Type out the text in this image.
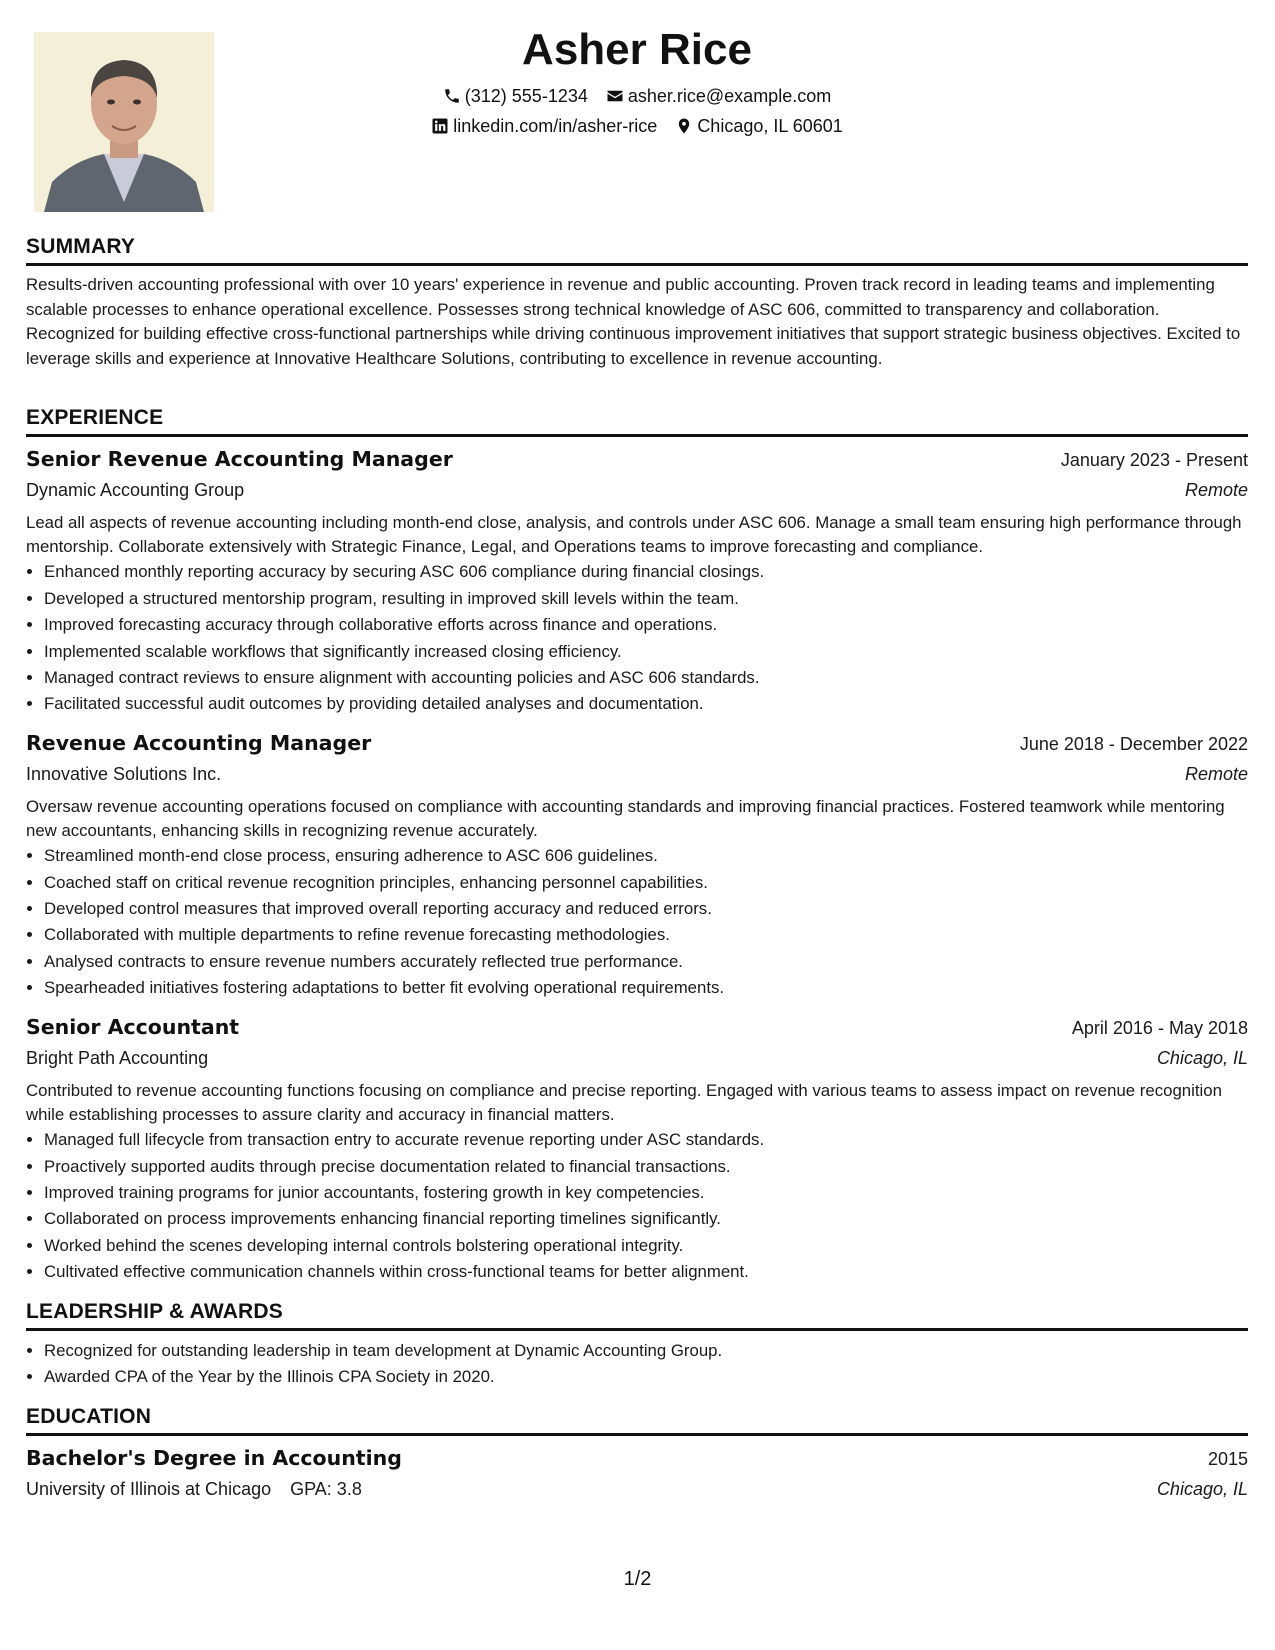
Asher Rice
(312) 555-1234 asher.rice@example.com
linkedin.com/in/asher-rice Chicago, IL 60601
SUMMARY

Results-driven accounting professional with over 10 years' experience in revenue and public accounting. Proven track record in leading teams and implementing scalable processes to enhance operational excellence. Possesses strong technical knowledge of ASC 606, committed to transparency and collaboration. Recognized for building effective cross-functional partnerships while driving continuous improvement initiatives that support strategic business objectives. Excited to leverage skills and experience at Innovative Healthcare Solutions, contributing to excellence in revenue accounting.

EXPERIENCE
Senior Revenue Accounting Manager	January 2023 - Present
Dynamic Accounting Group	Remote
Lead all aspects of revenue accounting including month-end close, analysis, and controls under ASC 606. Manage a small team ensuring high performance through mentorship. Collaborate extensively with Strategic Finance, Legal, and Operations teams to improve forecasting and compliance.
• Enhanced monthly reporting accuracy by securing ASC 606 compliance during financial closings.
• Developed a structured mentorship program, resulting in improved skill levels within the team.
• Improved forecasting accuracy through collaborative efforts across finance and operations.
• Implemented scalable workflows that significantly increased closing efficiency.
• Managed contract reviews to ensure alignment with accounting policies and ASC 606 standards.
• Facilitated successful audit outcomes by providing detailed analyses and documentation.
Revenue Accounting Manager	June 2018 - December 2022
Innovative Solutions Inc.	Remote
Oversaw revenue accounting operations focused on compliance with accounting standards and improving financial practices. Fostered teamwork while mentoring new accountants, enhancing skills in recognizing revenue accurately.
• Streamlined month-end close process, ensuring adherence to ASC 606 guidelines.
• Coached staff on critical revenue recognition principles, enhancing personnel capabilities.
• Developed control measures that improved overall reporting accuracy and reduced errors.
• Collaborated with multiple departments to refine revenue forecasting methodologies.
• Analysed contracts to ensure revenue numbers accurately reflected true performance.
• Spearheaded initiatives fostering adaptations to better fit evolving operational requirements.
Senior Accountant	April 2016 - May 2018
Bright Path Accounting	Chicago, IL
Contributed to revenue accounting functions focusing on compliance and precise reporting. Engaged with various teams to assess impact on revenue recognition while establishing processes to assure clarity and accuracy in financial matters.
• Managed full lifecycle from transaction entry to accurate revenue reporting under ASC standards.
• Proactively supported audits through precise documentation related to financial transactions.
• Improved training programs for junior accountants, fostering growth in key competencies.
• Collaborated on process improvements enhancing financial reporting timelines significantly.
• Worked behind the scenes developing internal controls bolstering operational integrity.
• Cultivated effective communication channels within cross-functional teams for better alignment.
LEADERSHIP & AWARDS
• Recognized for outstanding leadership in team development at Dynamic Accounting Group.
• Awarded CPA of the Year by the Illinois CPA Society in 2020.
EDUCATION
Bachelor's Degree in Accounting	2015
University of Illinois at Chicago GPA: 3.8	Chicago, IL
1/2
